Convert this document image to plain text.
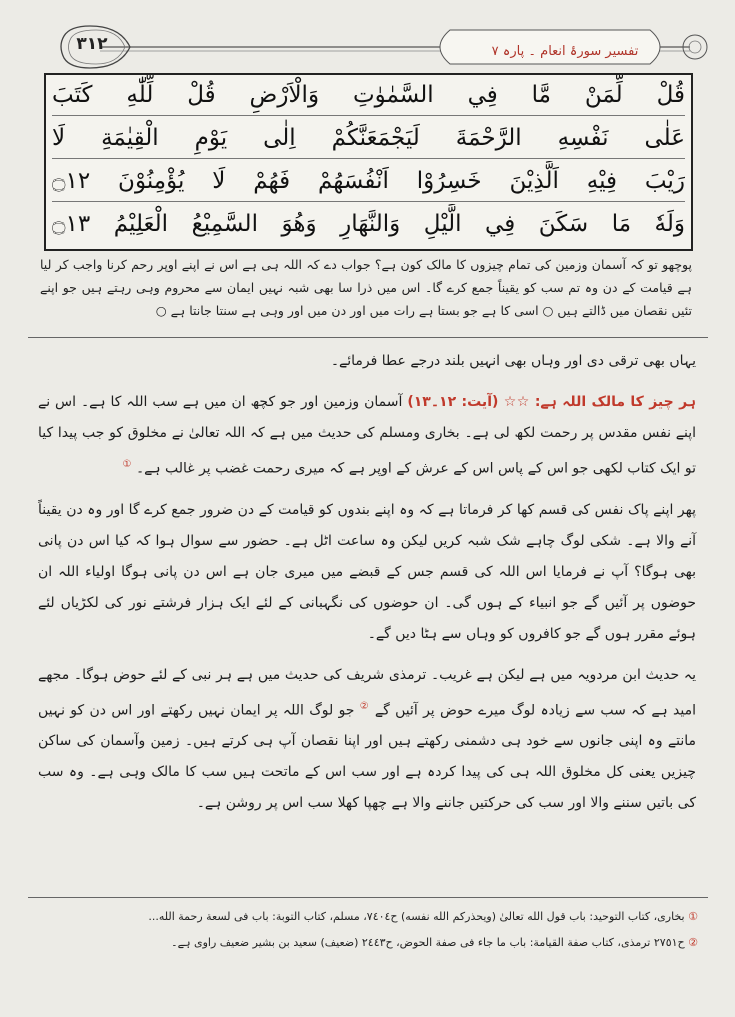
٣١٢	تفسیر سورۂ انعام ۔ پارہ ۷
قُلْ لِّمَنْ مَّا فِي السَّمٰوٰتِ وَالْاَرْضِ قُلْ لِّلّٰهِ كَتَبَ
عَلٰى نَفْسِهِ الرَّحْمَةَ لَيَجْمَعَنَّكُمْ اِلٰى يَوْمِ الْقِيٰمَةِ لَا
رَيْبَ فِيْهِ اَلَّذِيْنَ خَسِرُوْا اَنْفُسَهُمْ فَهُمْ لَا يُؤْمِنُوْنَ ۝١٢
وَلَهٗ مَا سَكَنَ فِي الَّيْلِ وَالنَّهَارِ وَهُوَ السَّمِيْعُ الْعَلِيْمُ ۝١٣
پوچھو تو کہ آسمان وزمین کی تمام چیزوں کا مالک کون ہے؟ جواب دے کہ اللہ ہی ہے اس نے اپنے اوپر رحم کرنا واجب کر لیا ہے قیامت کے دن وہ تم سب کو یقیناً جمع کرے گا۔ اس میں ذرا سا بھی شبہ نہیں ایمان سے محروم وہی رہتے ہیں جو اپنے تئیں نقصان میں ڈالتے ہیں ○ اسی کا ہے جو بستا ہے رات میں اور دن میں اور وہی ہے سنتا جانتا ہے ○

یہاں بھی ترقی دی اور وہاں بھی انہیں بلند درجے عطا فرمائے۔

ہر چیز کا مالک اللہ ہے: ☆☆ (آیت: ۱۲۔۱۳) آسمان وزمین اور جو کچھ ان میں ہے سب اللہ کا ہے۔ اس نے اپنے نفس مقدس پر رحمت لکھ لی ہے۔ بخاری ومسلم کی حدیث میں ہے کہ اللہ تعالیٰ نے مخلوق کو جب پیدا کیا تو ایک کتاب لکھی جو اس کے پاس اس کے عرش کے اوپر ہے کہ میری رحمت غضب پر غالب ہے۔ ①

پھر اپنے پاک نفس کی قسم کھا کر فرماتا ہے کہ وہ اپنے بندوں کو قیامت کے دن ضرور جمع کرے گا اور وہ دن یقیناً آنے والا ہے۔ شکی لوگ چاہے شک شبہ کریں لیکن وہ ساعت اٹل ہے۔ حضور سے سوال ہوا کہ کیا اس دن پانی بھی ہوگا؟ آپ نے فرمایا اس اللہ کی قسم جس کے قبضے میں میری جان ہے اس دن پانی ہوگا اولیاء اللہ ان حوضوں پر آئیں گے جو انبیاء کے ہوں گی۔ ان حوضوں کی نگہبانی کے لئے ایک ہزار فرشتے نور کی لکڑیاں لئے ہوئے مقرر ہوں گے جو کافروں کو وہاں سے ہٹا دیں گے۔

یہ حدیث ابن مردویہ میں ہے لیکن ہے غریب۔ ترمذی شریف کی حدیث میں ہے ہر نبی کے لئے حوض ہوگا۔ مجھے امید ہے کہ سب سے زیادہ لوگ میرے حوض پر آئیں گے ② جو لوگ اللہ پر ایمان نہیں رکھتے اور اس دن کو نہیں مانتے وہ اپنی جانوں سے خود ہی دشمنی رکھتے ہیں اور اپنا نقصان آپ ہی کرتے ہیں۔ زمین وآسمان کی ساکن چیزیں یعنی کل مخلوق اللہ ہی کی پیدا کردہ ہے اور سب اس کے ماتحت ہیں سب کا مالک وہی ہے۔ وہ سب کی باتیں سننے والا اور سب کی حرکتیں جاننے والا ہے چھپا کھلا سب اس پر روشن ہے۔

① بخاری، کتاب التوحید: باب قول الله تعالیٰ (ویحذركم الله نفسه) ح٧٤٠٤، مسلم، کتاب التوبة: باب فی لسعة رحمة الله...
② ح٢٧٥١ ترمذی، کتاب صفة القیامة: باب ما جاء فی صفة الحوض، ح٢٤٤٣ (ضعیف) سعید بن بشیر ضعیف راوی ہے۔
